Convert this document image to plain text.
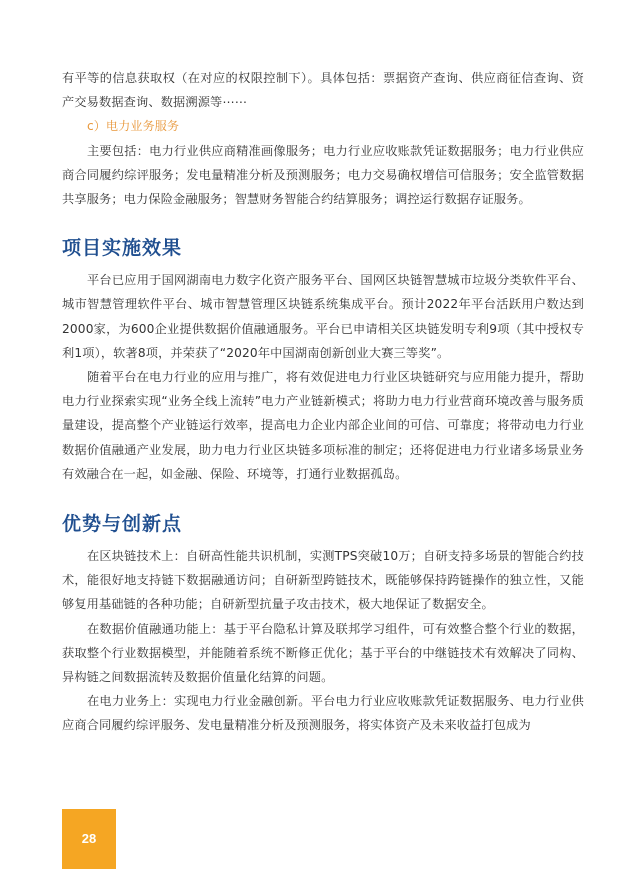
有平等的信息获取权（在对应的权限控制下）。具体包括：票据资产查询、供应商征信查询、资产交易数据查询、数据溯源等⋯⋯

c）电力业务服务

主要包括：电力行业供应商精准画像服务；电力行业应收账款凭证数据服务；电力行业供应商合同履约综评服务；发电量精准分析及预测服务；电力交易确权增信可信服务；安全监管数据共享服务；电力保险金融服务；智慧财务智能合约结算服务；调控运行数据存证服务。

项目实施效果

平台已应用于国网湖南电力数字化资产服务平台、国网区块链智慧城市垃圾分类软件平台、城市智慧管理软件平台、城市智慧管理区块链系统集成平台。预计2022年平台活跃用户数达到2000家，为600企业提供数据价值融通服务。平台已申请相关区块链发明专利9项（其中授权专利1项），软著8项，并荣获了“2020年中国湖南创新创业大赛三等奖”。

随着平台在电力行业的应用与推广，将有效促进电力行业区块链研究与应用能力提升，帮助电力行业探索实现“业务全线上流转”电力产业链新模式；将助力电力行业营商环境改善与服务质量建设，提高整个产业链运行效率，提高电力企业内部企业间的可信、可靠度；将带动电力行业数据价值融通产业发展，助力电力行业区块链多项标准的制定；还将促进电力行业诸多场景业务有效融合在一起，如金融、保险、环境等，打通行业数据孤岛。

优势与创新点

在区块链技术上：自研高性能共识机制，实测TPS突破10万；自研支持多场景的智能合约技术，能很好地支持链下数据融通访问；自研新型跨链技术，既能够保持跨链操作的独立性，又能够复用基础链的各种功能；自研新型抗量子攻击技术，极大地保证了数据安全。

在数据价值融通功能上：基于平台隐私计算及联邦学习组件，可有效整合整个行业的数据，获取整个行业数据模型，并能随着系统不断修正优化；基于平台的中继链技术有效解决了同构、异构链之间数据流转及数据价值量化结算的问题。

在电力业务上：实现电力行业金融创新。平台电力行业应收账款凭证数据服务、电力行业供应商合同履约综评服务、发电量精准分析及预测服务，将实体资产及未来收益打包成为

28
